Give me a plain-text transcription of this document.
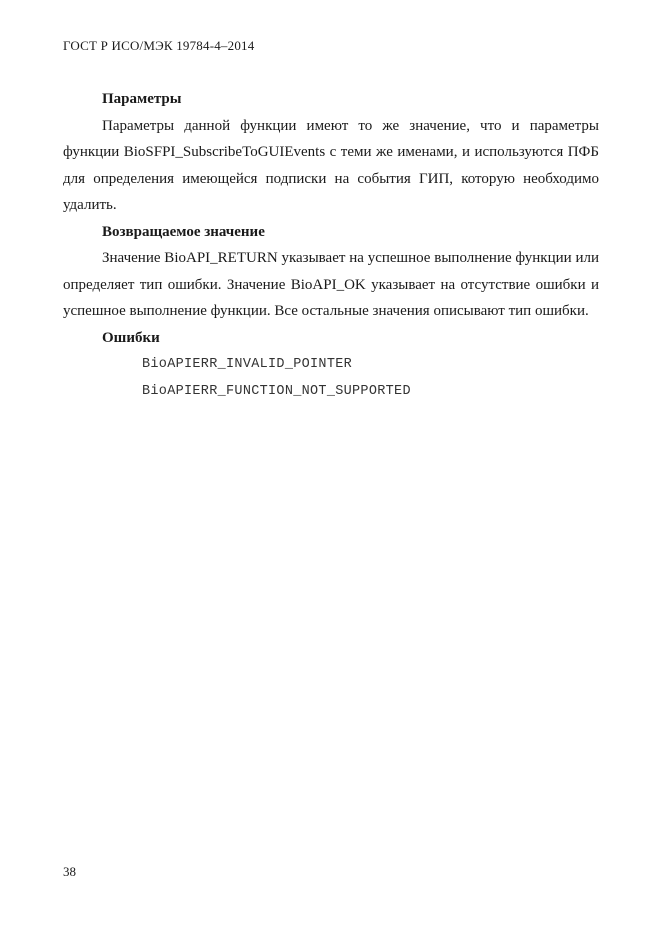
ГОСТ Р ИСО/МЭК 19784-4–2014

Параметры

Параметры данной функции имеют то же значение, что и параметры функции BioSFPI_SubscribeToGUIEvents с теми же именами, и используются ПФБ для определения имеющейся подписки на события ГИП, которую необходимо удалить.

Возвращаемое значение

Значение BioAPI_RETURN указывает на успешное выполнение функции или определяет тип ошибки. Значение BioAPI_OK указывает на отсутствие ошибки и успешное выполнение функции. Все остальные значения описывают тип ошибки.

Ошибки

BioAPIERR_INVALID_POINTER
BioAPIERR_FUNCTION_NOT_SUPPORTED
38
